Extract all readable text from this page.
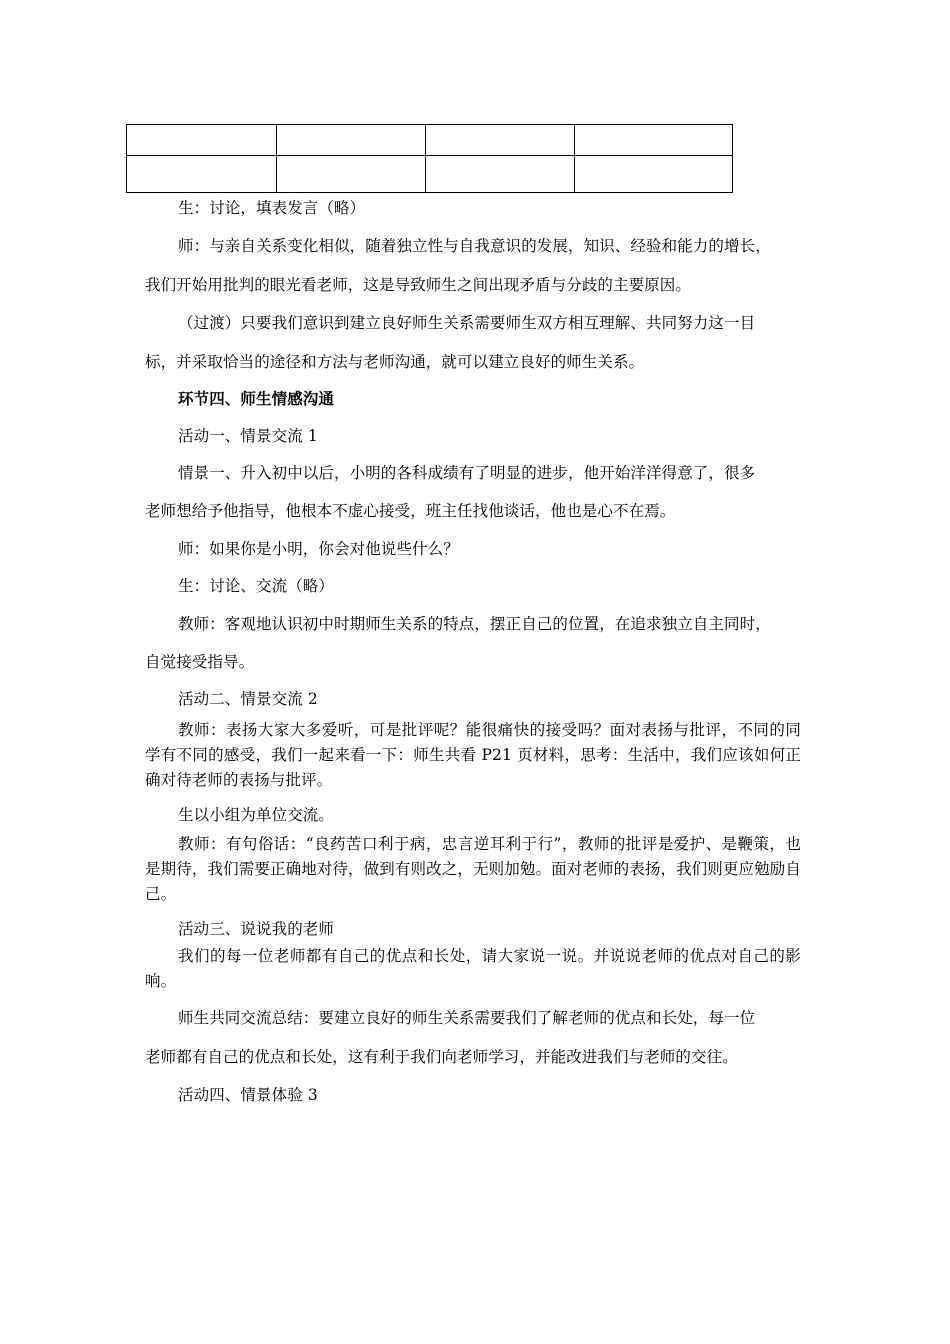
生：讨论，填表发言（略）
师：与亲自关系变化相似，随着独立性与自我意识的发展，知识、经验和能力的增长，
我们开始用批判的眼光看老师，这是导致师生之间出现矛盾与分歧的主要原因。
（过渡）只要我们意识到建立良好师生关系需要师生双方相互理解、共同努力这一目
标，并采取恰当的途径和方法与老师沟通，就可以建立良好的师生关系。
环节四、师生情感沟通
活动一、情景交流 1
情景一、升入初中以后，小明的各科成绩有了明显的进步，他开始洋洋得意了，很多
老师想给予他指导，他根本不虚心接受，班主任找他谈话，他也是心不在焉。
师：如果你是小明，你会对他说些什么？
生：讨论、交流（略）
教师：客观地认识初中时期师生关系的特点，摆正自己的位置，在追求独立自主同时，
自觉接受指导。
活动二、情景交流 2
教师：表扬大家大多爱听，可是批评呢？能很痛快的接受吗？面对表扬与批评，不同的同学有不同的感受，我们一起来看一下：师生共看 P21 页材料，思考：生活中，我们应该如何正确对待老师的表扬与批评。
生以小组为单位交流。
教师：有句俗话：“良药苦口利于病，忠言逆耳利于行”，教师的批评是爱护、是鞭策，也是期待，我们需要正确地对待，做到有则改之，无则加勉。面对老师的表扬，我们则更应勉励自己。
活动三、说说我的老师
我们的每一位老师都有自己的优点和长处，请大家说一说。并说说老师的优点对自己的影响。
师生共同交流总结：要建立良好的师生关系需要我们了解老师的优点和长处，每一位
老师都有自己的优点和长处，这有利于我们向老师学习，并能改进我们与老师的交往。
活动四、情景体验 3
